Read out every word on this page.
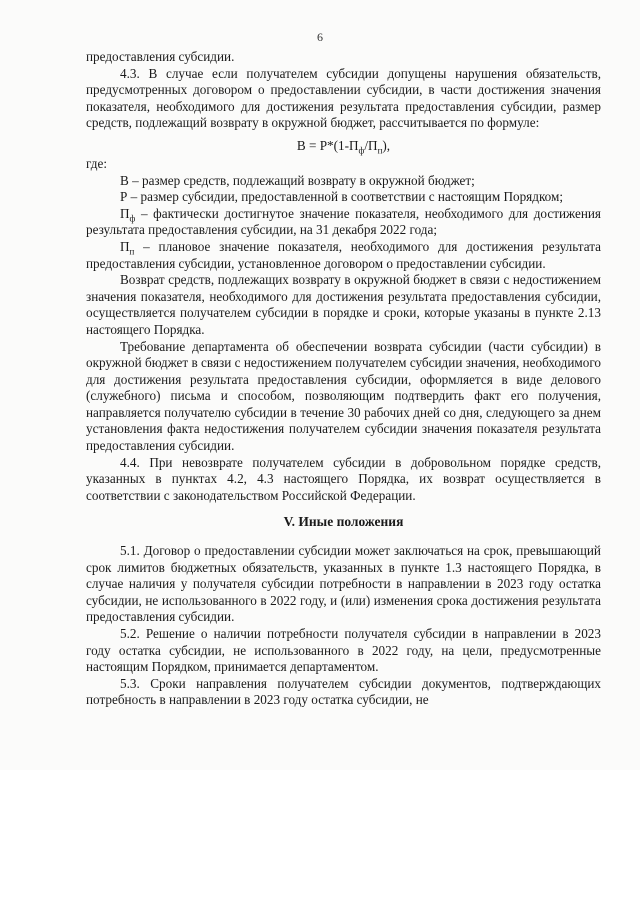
6

предоставления субсидии.

4.3. В случае если получателем субсидии допущены нарушения обязательств, предусмотренных договором о предоставлении субсидии, в части достижения значения показателя, необходимого для достижения результата предоставления субсидии, размер средств, подлежащий возврату в окружной бюджет, рассчитывается по формуле:

$В = Р*(1-П_ф/П_п)$,

где:

В – размер средств, подлежащий возврату в окружной бюджет;

Р – размер субсидии, предоставленной в соответствии с настоящим Порядком;

$П_ф$ – фактически достигнутое значение показателя, необходимого для достижения результата предоставления субсидии, на 31 декабря 2022 года;

$П_п$ – плановое значение показателя, необходимого для достижения результата предоставления субсидии, установленное договором о предоставлении субсидии.

Возврат средств, подлежащих возврату в окружной бюджет в связи с недостижением значения показателя, необходимого для достижения результата предоставления субсидии, осуществляется получателем субсидии в порядке и сроки, которые указаны в пункте 2.13 настоящего Порядка.

Требование департамента об обеспечении возврата субсидии (части субсидии) в окружной бюджет в связи с недостижением получателем субсидии значения, необходимого для достижения результата предоставления субсидии, оформляется в виде делового (служебного) письма и способом, позволяющим подтвердить факт его получения, направляется получателю субсидии в течение 30 рабочих дней со дня, следующего за днем установления факта недостижения получателем субсидии значения показателя результата предоставления субсидии.

4.4. При невозврате получателем субсидии в добровольном порядке средств, указанных в пунктах 4.2, 4.3 настоящего Порядка, их возврат осуществляется в соответствии с законодательством Российской Федерации.

V. Иные положения

5.1. Договор о предоставлении субсидии может заключаться на срок, превышающий срок лимитов бюджетных обязательств, указанных в пункте 1.3 настоящего Порядка, в случае наличия у получателя субсидии потребности в направлении в 2023 году остатка субсидии, не использованного в 2022 году, и (или) изменения срока достижения результата предоставления субсидии.

5.2. Решение о наличии потребности получателя субсидии в направлении в 2023 году остатка субсидии, не использованного в 2022 году, на цели, предусмотренные настоящим Порядком, принимается департаментом.

5.3. Сроки направления получателем субсидии документов, подтверждающих потребность в направлении в 2023 году остатка субсидии, не
